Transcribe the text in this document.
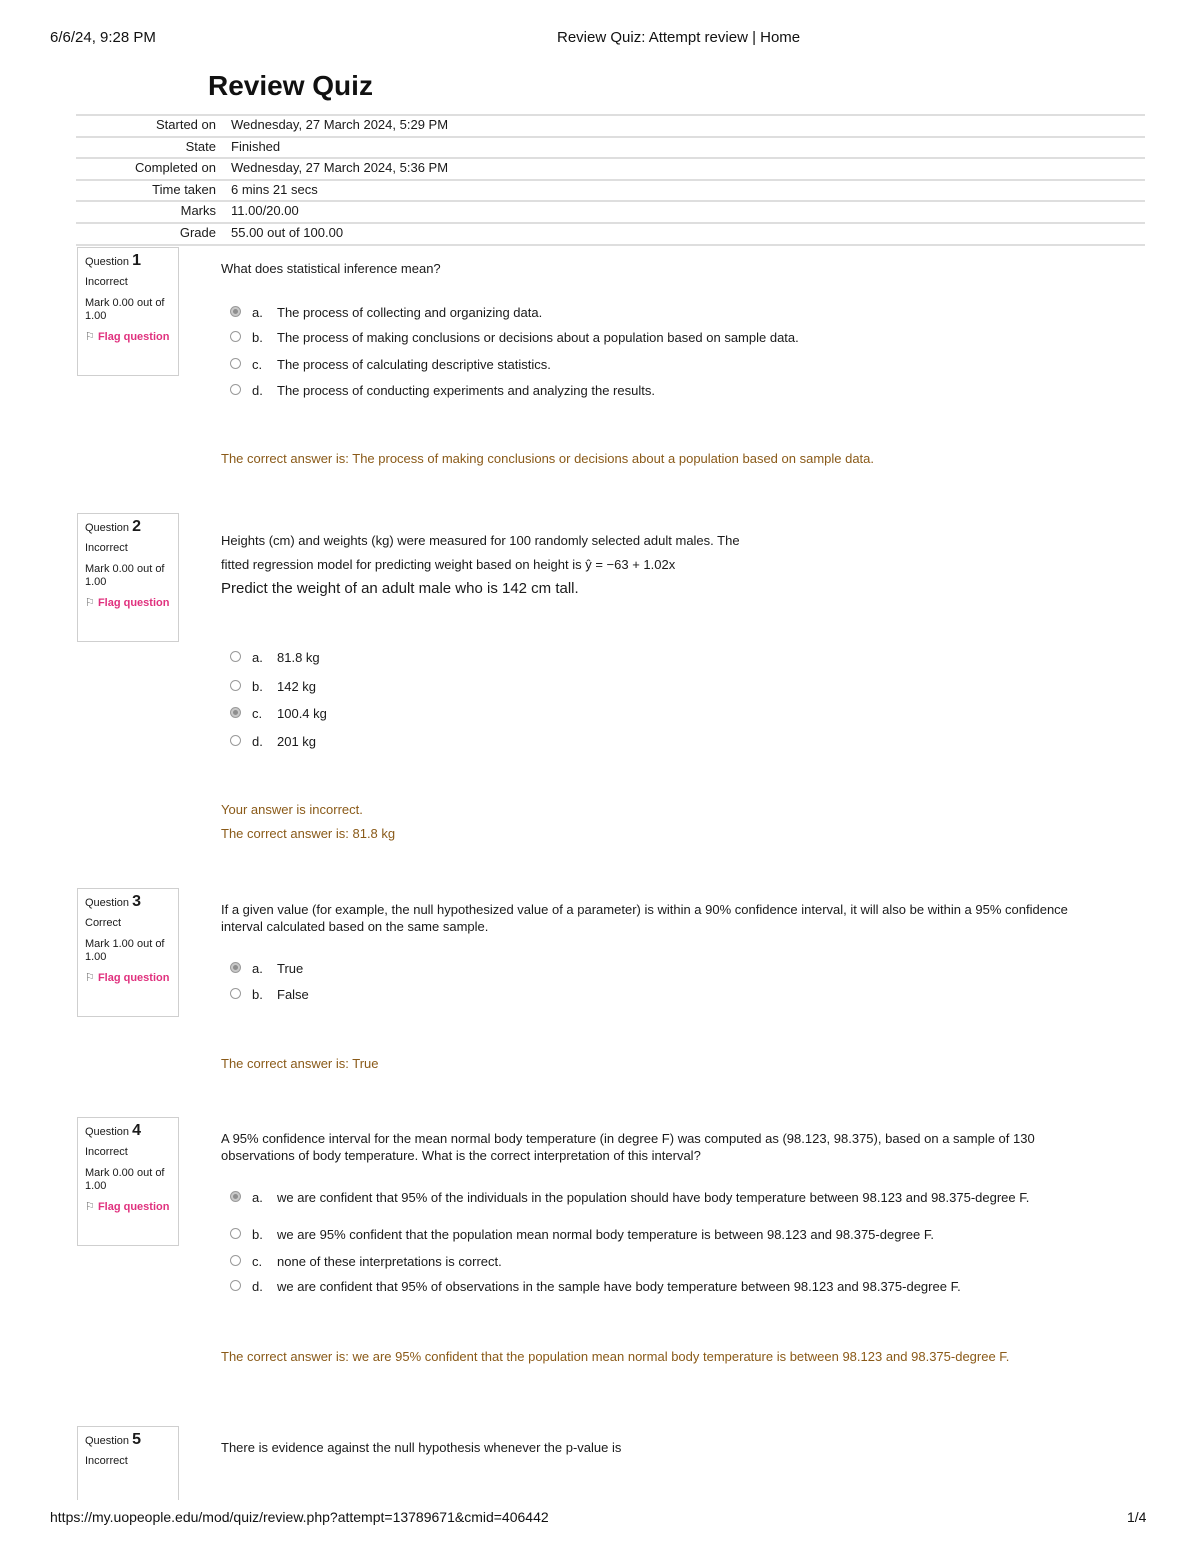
6/6/24, 9:28 PM	Review Quiz: Attempt review | Home
Review Quiz
Started on Wednesday, 27 March 2024, 5:29 PM
State Finished
Completed on Wednesday, 27 March 2024, 5:36 PM
Time taken 6 mins 21 secs
Marks 11.00/20.00
Grade 55.00 out of 100.00
Question 1
Incorrect
Mark 0.00 out of 1.00
⚐ Flag question
What does statistical inference mean?
a. The process of collecting and organizing data.
b. The process of making conclusions or decisions about a population based on sample data.
c. The process of calculating descriptive statistics.
d. The process of conducting experiments and analyzing the results.
The correct answer is: The process of making conclusions or decisions about a population based on sample data.
Question 2
Incorrect
Mark 0.00 out of 1.00
⚐ Flag question
Heights (cm) and weights (kg) were measured for 100 randomly selected adult males. The
fitted regression model for predicting weight based on height is ŷ = −63 + 1.02x
Predict the weight of an adult male who is 142 cm tall.
a. 81.8 kg
b. 142 kg
c. 100.4 kg
d. 201 kg
Your answer is incorrect.
The correct answer is: 81.8 kg
Question 3
Correct
Mark 1.00 out of 1.00
⚐ Flag question
If a given value (for example, the null hypothesized value of a parameter) is within a 90% confidence interval, it will also be within a 95% confidence interval calculated based on the same sample.
a. True
b. False
The correct answer is: True
Question 4
Incorrect
Mark 0.00 out of 1.00
⚐ Flag question
A 95% confidence interval for the mean normal body temperature (in degree F) was computed as (98.123, 98.375), based on a sample of 130 observations of body temperature. What is the correct interpretation of this interval?
a. we are confident that 95% of the individuals in the population should have body temperature between 98.123 and 98.375-degree F.
b. we are 95% confident that the population mean normal body temperature is between 98.123 and 98.375-degree F.
c. none of these interpretations is correct.
d. we are confident that 95% of observations in the sample have body temperature between 98.123 and 98.375-degree F.
The correct answer is: we are 95% confident that the population mean normal body temperature is between 98.123 and 98.375-degree F.
Question 5
Incorrect
There is evidence against the null hypothesis whenever the p-value is
https://my.uopeople.edu/mod/quiz/review.php?attempt=13789671&cmid=406442	1/4
